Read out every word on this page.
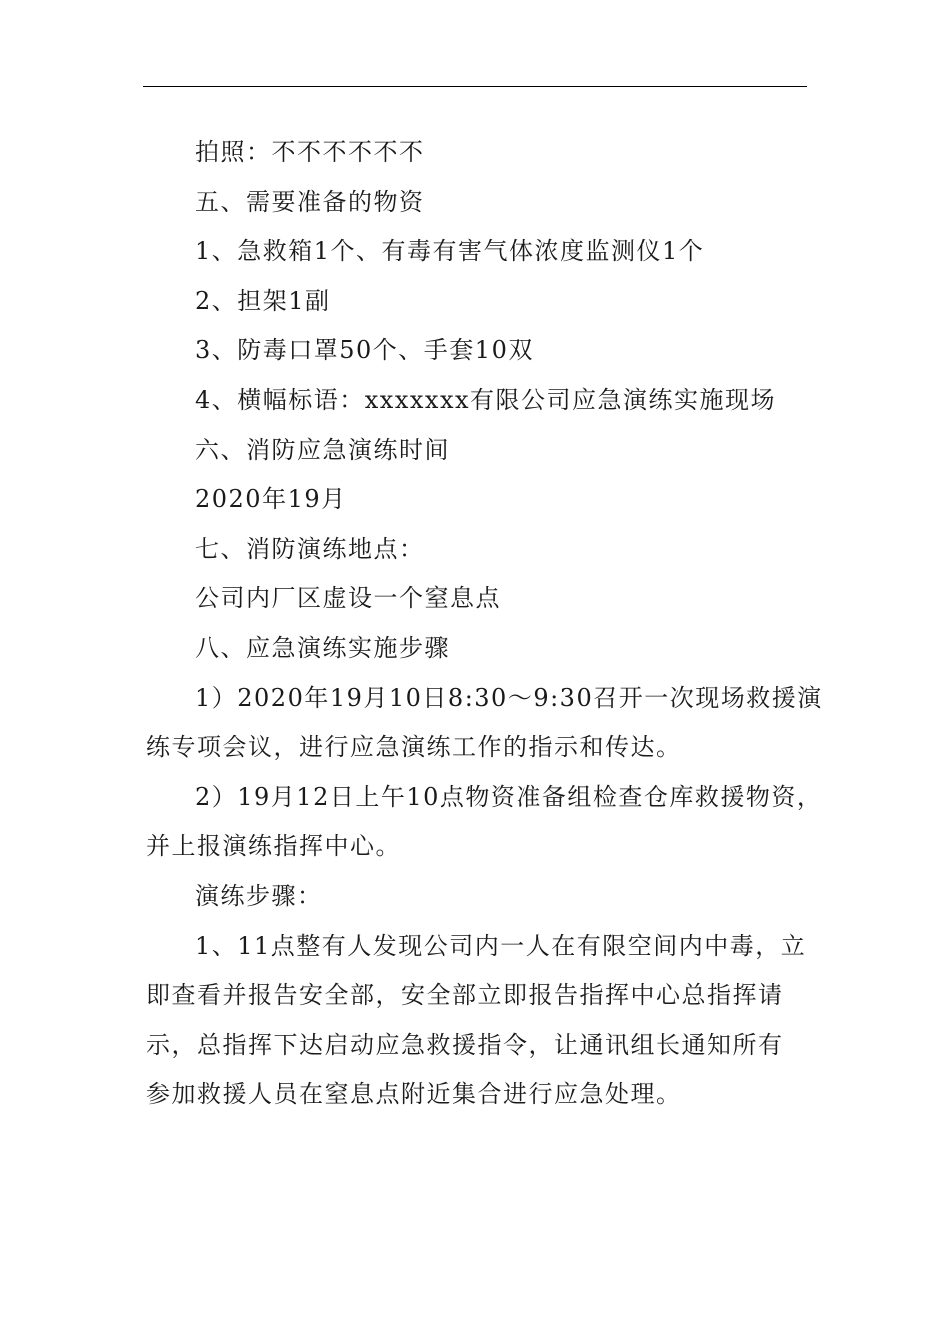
拍照：不不不不不不

五、需要准备的物资

1、急救箱1个、有毒有害气体浓度监测仪1个

2、担架1副

3、防毒口罩50个、手套10双

4、横幅标语：xxxxxxx有限公司应急演练实施现场

六、消防应急演练时间

2020年19月

七、消防演练地点：

公司内厂区虚设一个窒息点

八、应急演练实施步骤

1）2020年19月10日8:30～9:30召开一次现场救援演

练专项会议，进行应急演练工作的指示和传达。

2）19月12日上午10点物资准备组检查仓库救援物资，

并上报演练指挥中心。

演练步骤：

1、11点整有人发现公司内一人在有限空间内中毒，立

即查看并报告安全部，安全部立即报告指挥中心总指挥请

示，总指挥下达启动应急救援指令，让通讯组长通知所有

参加救援人员在窒息点附近集合进行应急处理。
